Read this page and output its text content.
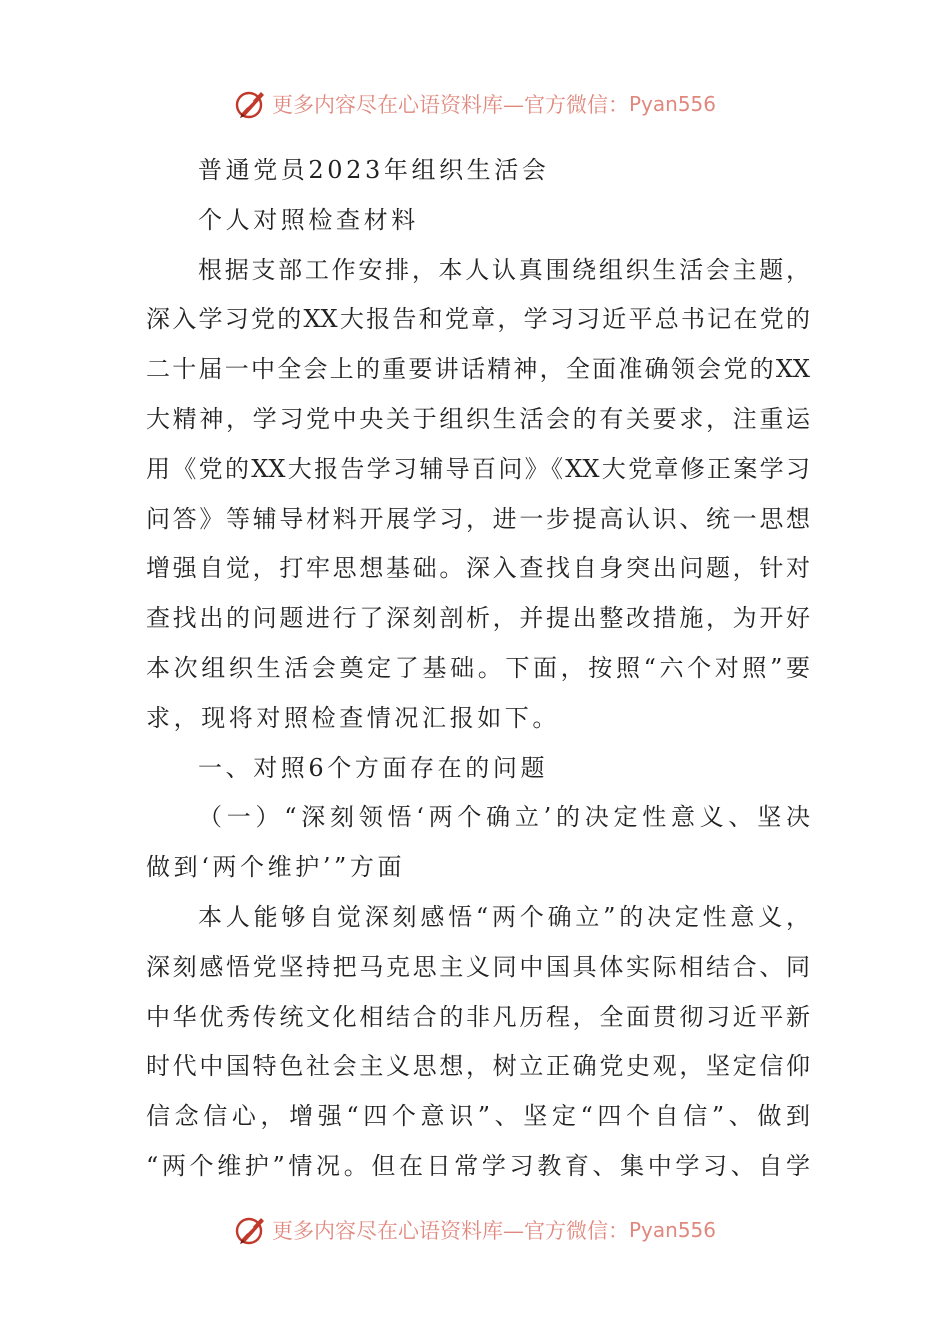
更多内容尽在心语资料库—官方微信： Pyan556
普通党员2023年组织生活会
个人对照检查材料
根据支部工作安排，本人认真围绕组织生活会主题，
深入学习党的XX大报告和党章，学习习近平总书记在党的
二十届一中全会上的重要讲话精神，全面准确领会党的XX
大精神，学习党中央关于组织生活会的有关要求，注重运
用《党的XX大报告学习辅导百问》《XX大党章修正案学习
问答》等辅导材料开展学习，进一步提高认识、统一思想
增强自觉，打牢思想基础。深入查找自身突出问题，针对
查找出的问题进行了深刻剖析，并提出整改措施，为开好
本次组织生活会奠定了基础。下面，按照“六个对照”要
求，现将对照检查情况汇报如下。
一、对照6个方面存在的问题
（一）“深刻领悟‘两个确立’的决定性意义、坚决
做到‘两个维护’”方面
本人能够自觉深刻感悟“两个确立”的决定性意义，
深刻感悟党坚持把马克思主义同中国具体实际相结合、同
中华优秀传统文化相结合的非凡历程，全面贯彻习近平新
时代中国特色社会主义思想，树立正确党史观，坚定信仰
信念信心，增强“四个意识”、坚定“四个自信”、做到
“两个维护”情况。但在日常学习教育、集中学习、自学
更多内容尽在心语资料库—官方微信： Pyan556
